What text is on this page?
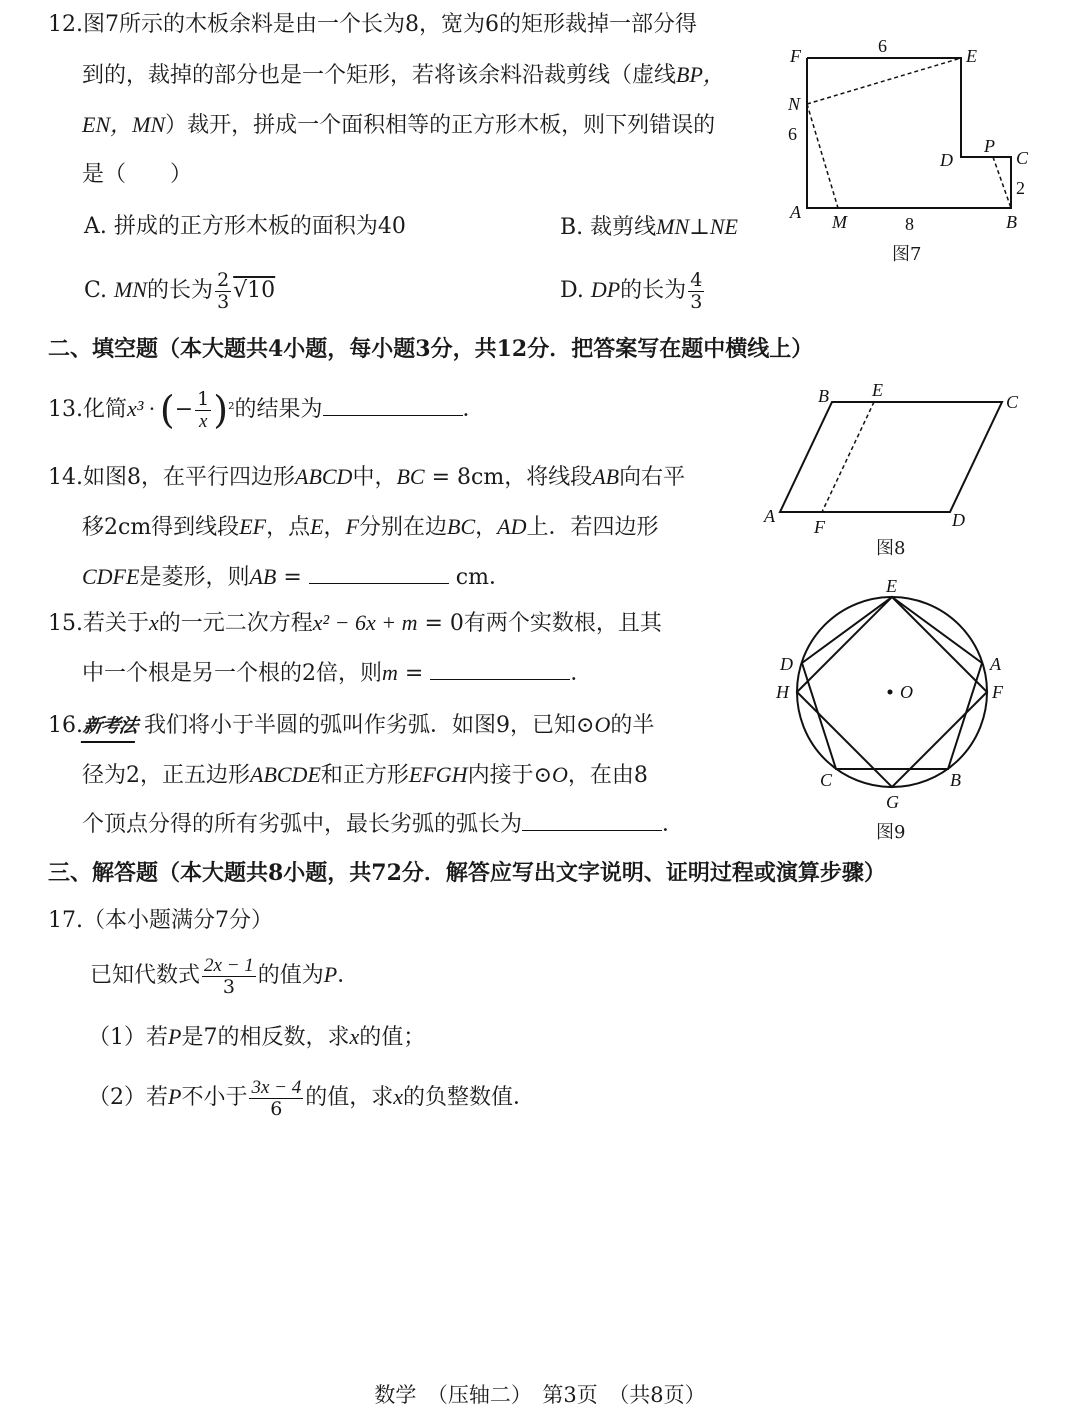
12.图7所示的木板余料是由一个长为8，宽为6的矩形裁掉一部分得
到的，裁掉的部分也是一个矩形，若将该余料沿裁剪线（虚线BP，
EN，MN）裁开，拼成一个面积相等的正方形木板，则下列错误的
是（　　）
A. 拼成的正方形木板的面积为40	B. 裁剪线MN⊥NE
C. MN的长为 $\frac{2}{3} √10$	D. DP的长为 $\frac{4}{3}$
F	E
N
D
P
C
A M	B
6
6
8
2
图7
二、填空题（本大题共4小题，每小题3分，共12分．把答案写在题中横线上）
13.化简x³ · (− $\frac{1}{x} )^{^2}$的结果为	．
14.如图8，在平行四边形ABCD中，BC = 8cm，将线段AB向右平
移2cm得到线段EF，点E，F分别在边BC，AD上．若四边形
CDFE是菱形，则AB =	cm．
B E
C
A
F	D
图8
15.若关于x的一元二次方程x² − 6x + m = 0有两个实数根，且其
中一个根是另一个根的2倍，则m =	．
16.新考法 我们将小于半圆的弧叫作劣弧．如图9，已知⊙O的半
径为2，正五边形ABCDE和正方形EFGH内接于⊙O，在由8
个顶点分得的所有劣弧中，最长劣弧的弧长为	．
E
D	A
H	F
O
C	B
G
图9
三、解答题（本大题共8小题，共72分．解答应写出文字说明、证明过程或演算步骤）
17.（本小题满分7分）
已知代数式 $\frac{2x - 1}{3}$ 的值为P．
（1）若P是7的相反数，求x的值；
（2）若P不小于 $\frac{3x - 4}{6}$ 的值，求x的负整数值．
数学　（压轴二）　第3页　（共8页）
